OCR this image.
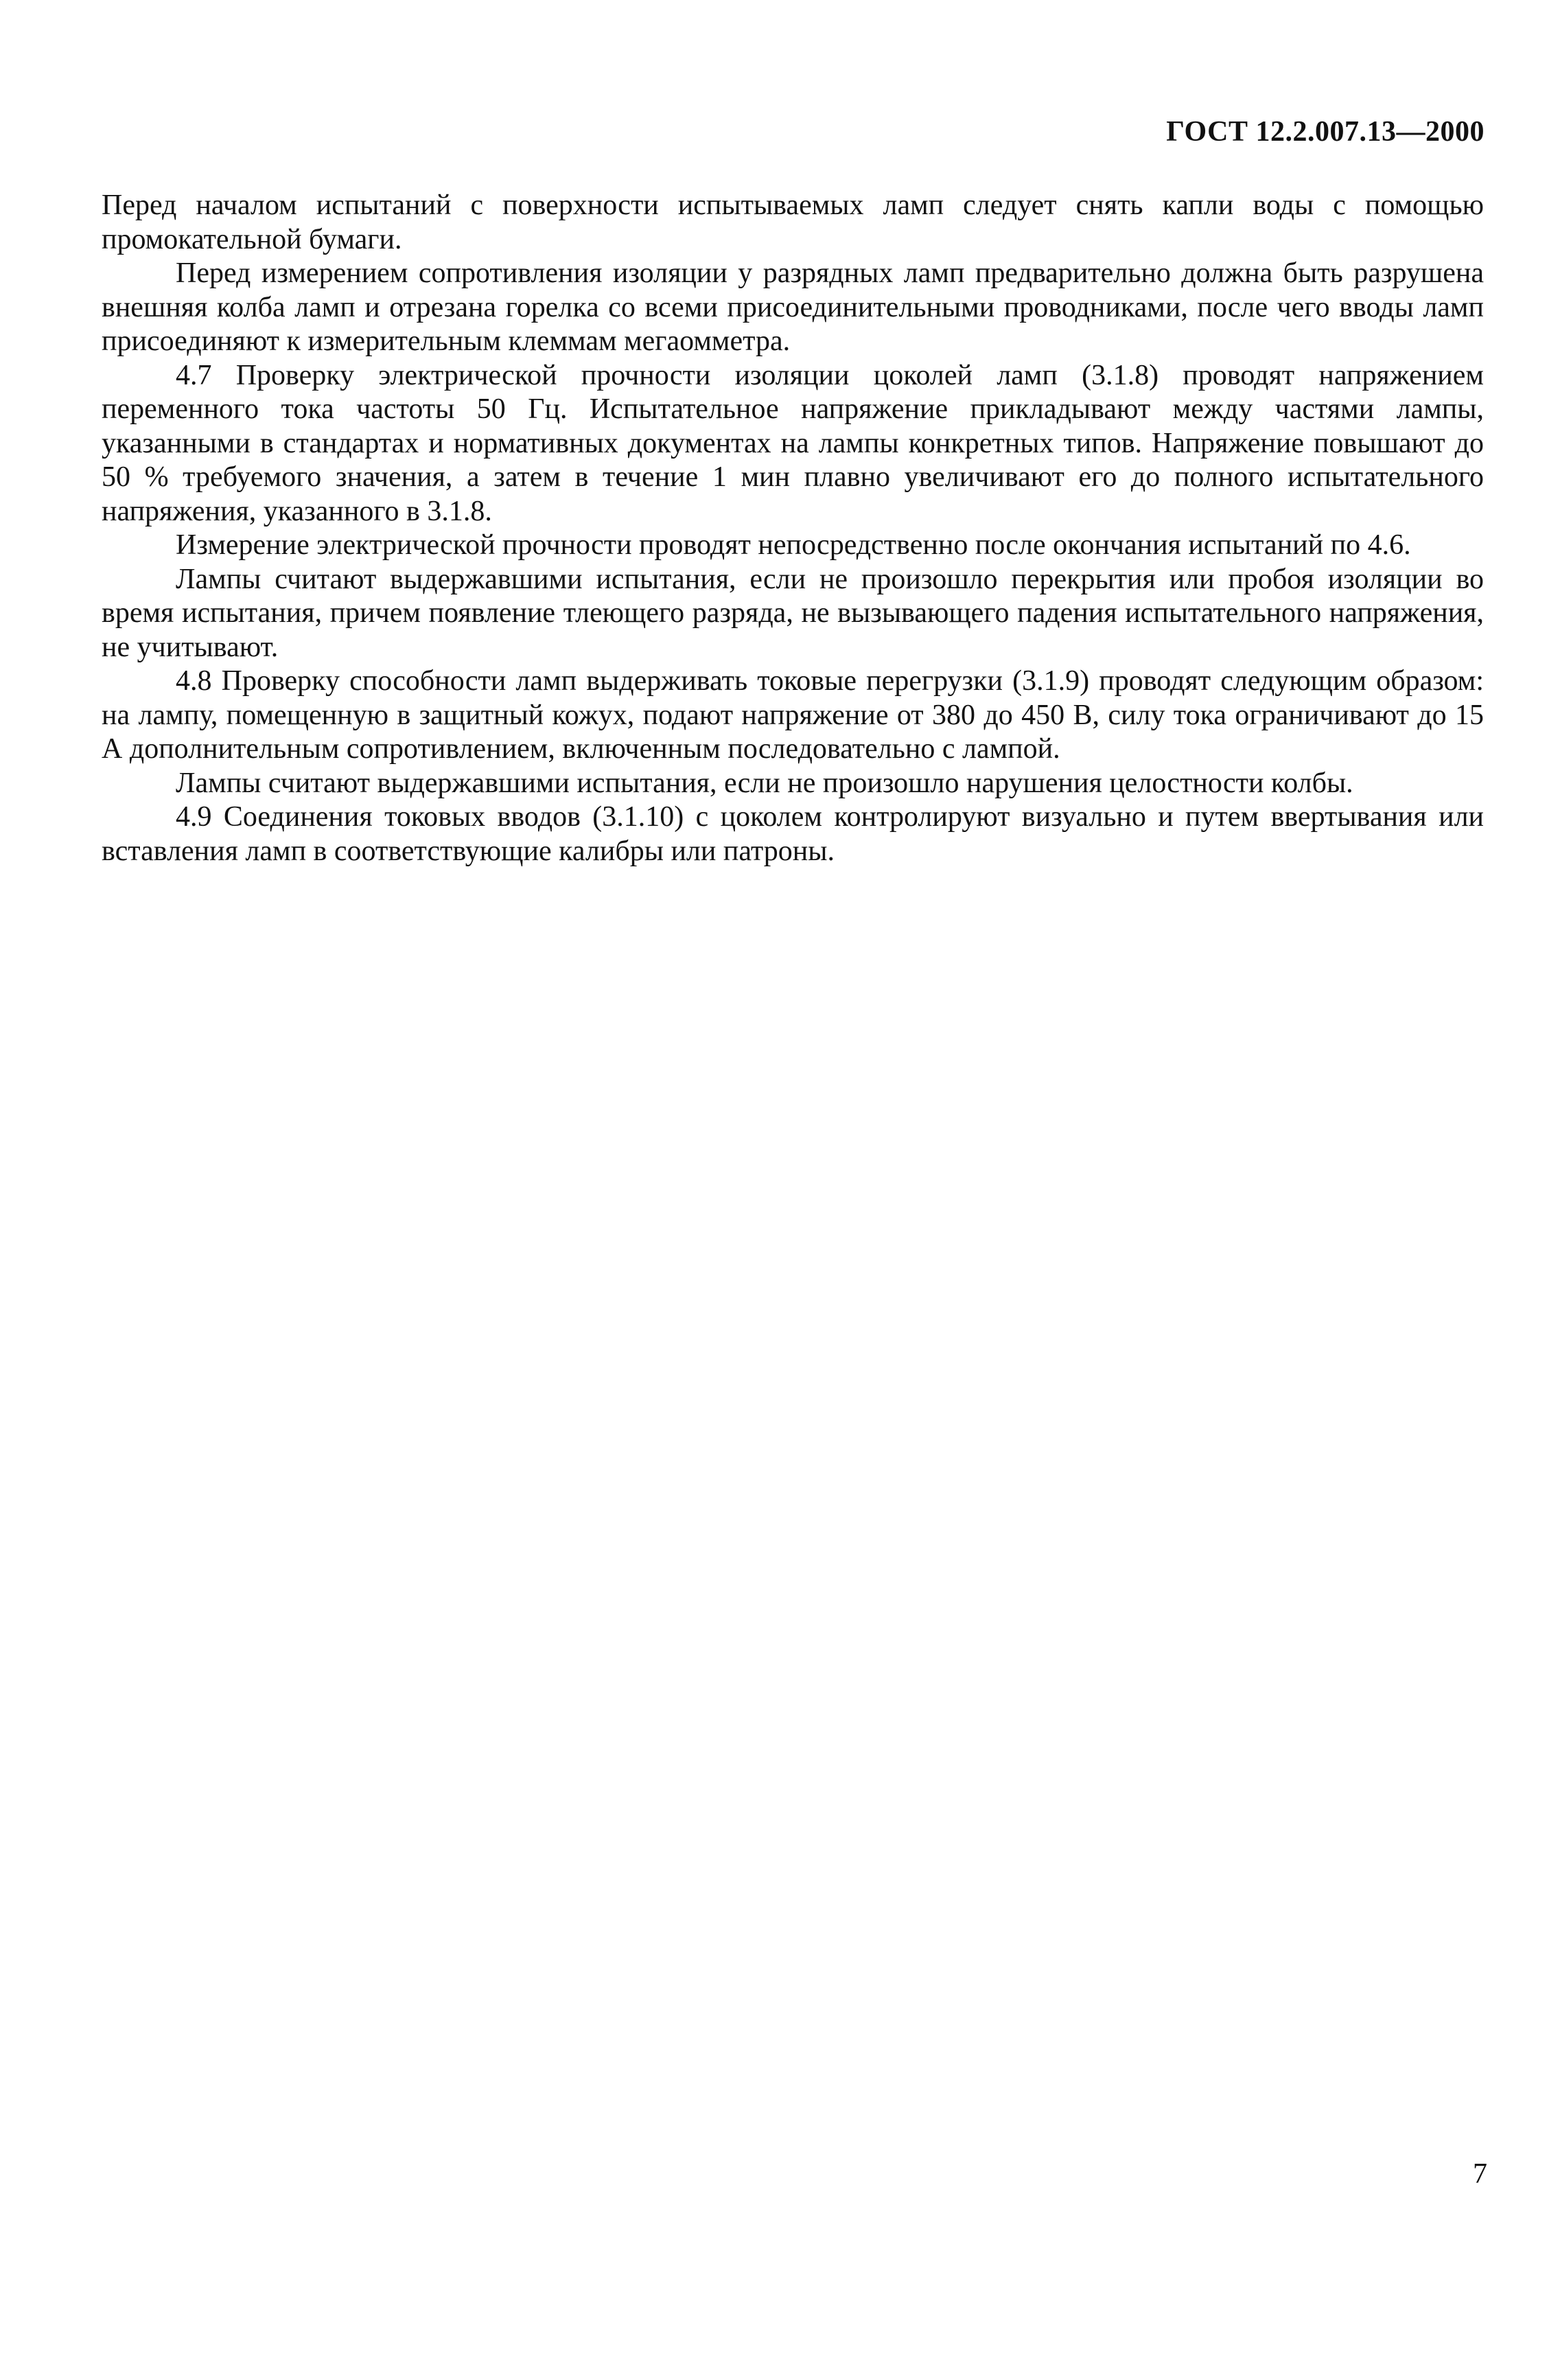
ГОСТ 12.2.007.13—2000

Перед началом испытаний с поверхности испытываемых ламп следует снять капли воды с помощью промокательной бумаги.

Перед измерением сопротивления изоляции у разрядных ламп предварительно должна быть разрушена внешняя колба ламп и отрезана горелка со всеми присоединительными проводниками, после чего вводы ламп присоединяют к измерительным клеммам мегаомметра.

4.7 Проверку электрической прочности изоляции цоколей ламп (3.1.8) проводят напряжением переменного тока частоты 50 Гц. Испытательное напряжение прикладывают между частями лампы, указанными в стандартах и нормативных документах на лампы конкретных типов. Напряжение повышают до 50 % требуемого значения, а затем в течение 1 мин плавно увеличивают его до полного испытательного напряжения, указанного в 3.1.8.

Измерение электрической прочности проводят непосредственно после окончания испытаний по 4.6.

Лампы считают выдержавшими испытания, если не произошло перекрытия или пробоя изоляции во время испытания, причем появление тлеющего разряда, не вызывающего падения испытательного напряжения, не учитывают.

4.8 Проверку способности ламп выдерживать токовые перегрузки (3.1.9) проводят следующим образом: на лампу, помещенную в защитный кожух, подают напряжение от 380 до 450 В, силу тока ограничивают до 15 А дополнительным сопротивлением, включенным последовательно с лампой.

Лампы считают выдержавшими испытания, если не произошло нарушения целостности колбы.

4.9 Соединения токовых вводов (3.1.10) с цоколем контролируют визуально и путем ввертывания или вставления ламп в соответствующие калибры или патроны.

7
